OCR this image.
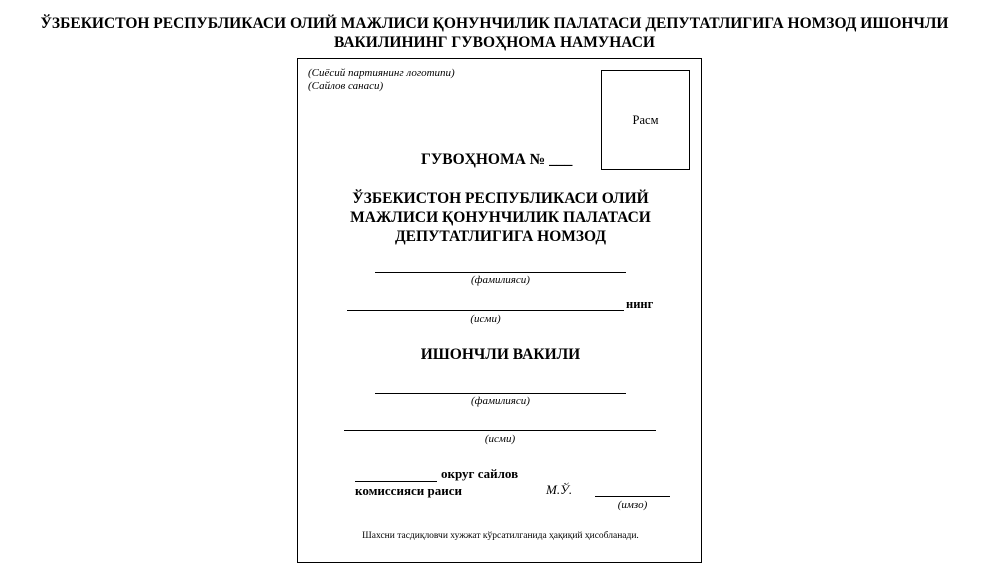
ЎЗБЕКИСТОН РЕСПУБЛИКАСИ ОЛИЙ МАЖЛИСИ ҚОНУНЧИЛИК ПАЛАТАСИ ДЕПУТАТЛИГИГА НОМЗОД ИШОНЧЛИ
ВАКИЛИНИНГ ГУВОҲНОМА НАМУНАСИ
(Сиёсий партиянинг логотипи)
(Сайлов санаси)
Расм
ГУВОҲНОМА № ___
ЎЗБЕКИСТОН РЕСПУБЛИКАСИ ОЛИЙ
МАЖЛИСИ ҚОНУНЧИЛИК ПАЛАТАСИ
ДЕПУТАТЛИГИГА НОМЗОД
(фамилияси)
нинг
(исми)
ИШОНЧЛИ ВАКИЛИ
(фамилияси)
(исми)
округ сайлов
комиссияси раиси	М.Ў.
(имзо)
Шахсни тасдиқловчи хужжат кўрсатилганида ҳақиқий ҳисобланади.
